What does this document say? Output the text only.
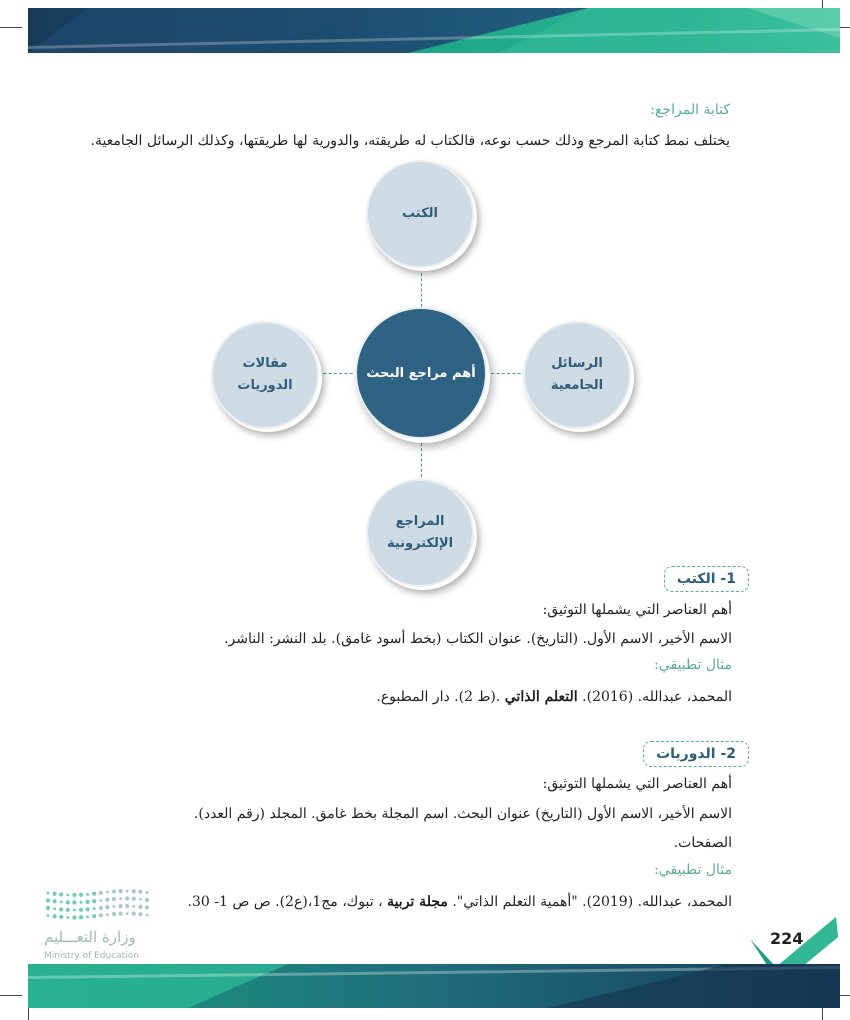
كتابة المراجع:
يختلف نمط كتابة المرجع وذلك حسب نوعه، فالكتاب له طريقته، والدورية لها طريقتها، وكذلك الرسائل الجامعية.
الكتب
الرسائل
الجامعية
مقالات
الدوريات
المراجع
الإلكترونية
أهم مراجع البحث
1- الكتب
أهم العناصر التي يشملها التوثيق:
الاسم الأخير، الاسم الأول. (التاريخ). عنوان الكتاب (بخط أسود غامق). بلد النشر: الناشر.
مثال تطبيقي:
المحمد، عبدالله. (2016). التعلم الذاتي .(ط 2). دار المطبوع.
2- الدوريات
أهم العناصر التي يشملها التوثيق:
الاسم الأخير، الاسم الأول (التاريخ) عنوان البحث. اسم المجلة بخط غامق. المجلد (رقم العدد).
الصفحات.
مثال تطبيقي:
المحمد، عبدالله. (2019). "أهمية التعلم الذاتي". مجلة تربية ، تبوك، مج1،(ع2). ص ص 1- 30.
وزارة التعـــليم
Ministry of Education
224
